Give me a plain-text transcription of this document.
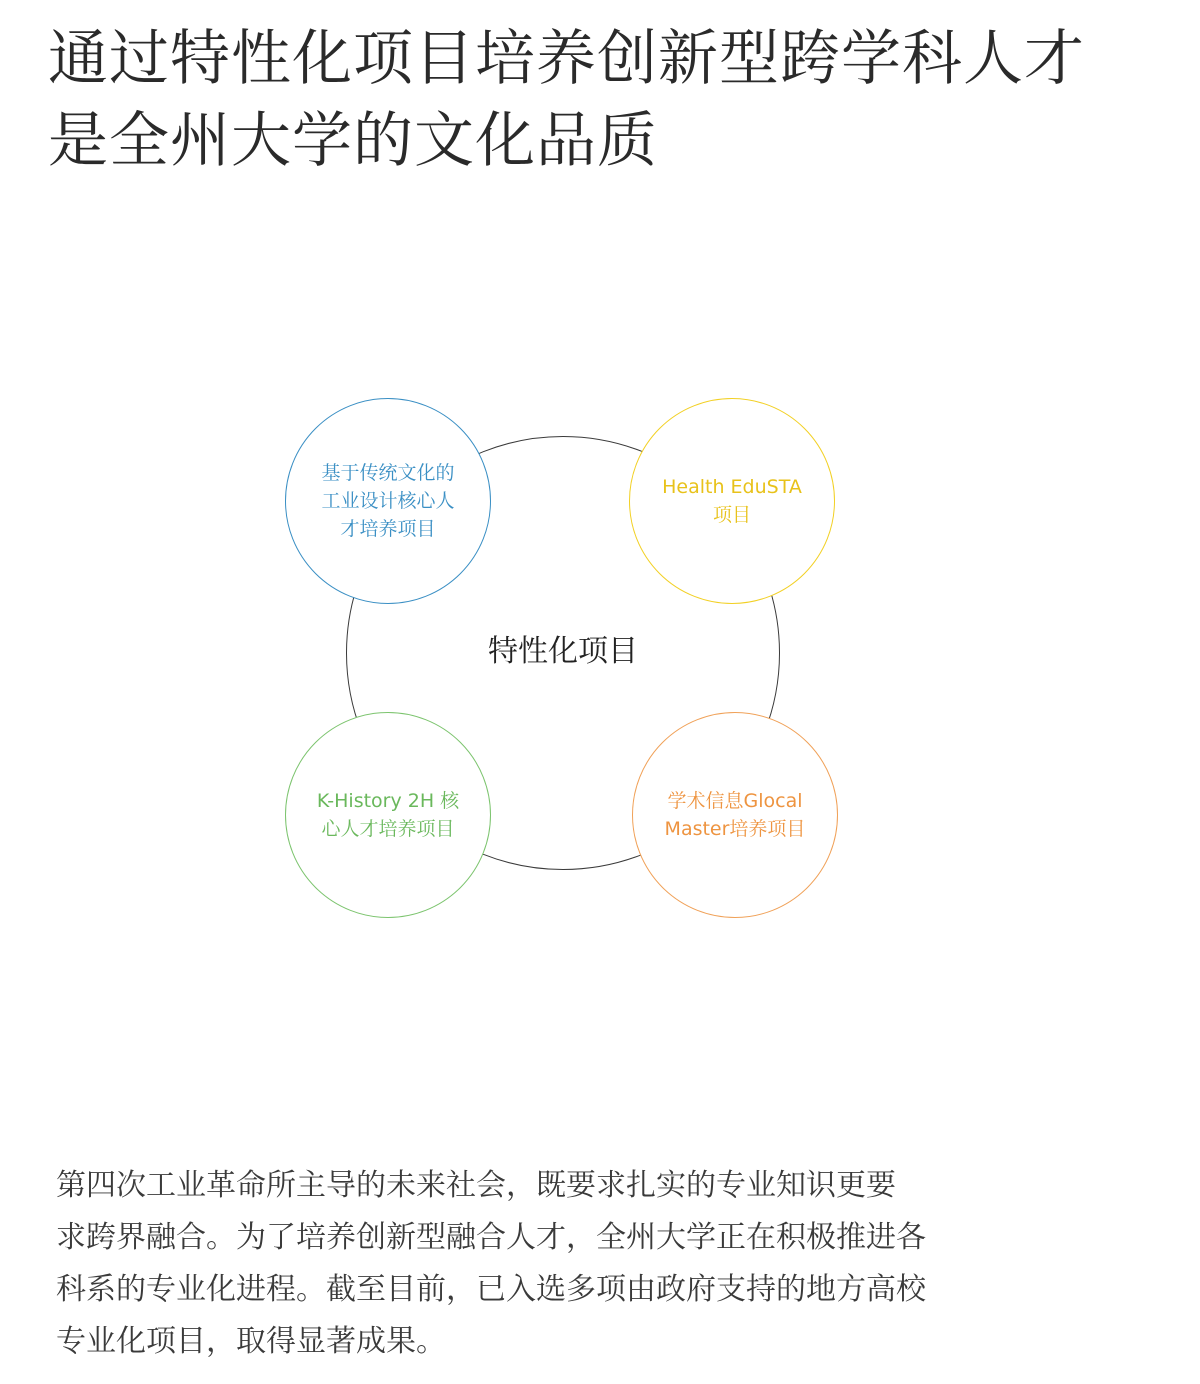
通过特性化项目培养创新型跨学科人才
是全州大学的文化品质
特性化项目
基于传统文化的
工业设计核心人
才培养项目
Health EduSTA
项目
K-History 2H 核
心人才培养项目
学术信息Glocal
Master培养项目

第四次工业革命所主导的未来社会，既要求扎实的专业知识更要
求跨界融合。为了培养创新型融合人才，全州大学正在积极推进各
科系的专业化进程。截至目前，已入选多项由政府支持的地方高校
专业化项目，取得显著成果。
